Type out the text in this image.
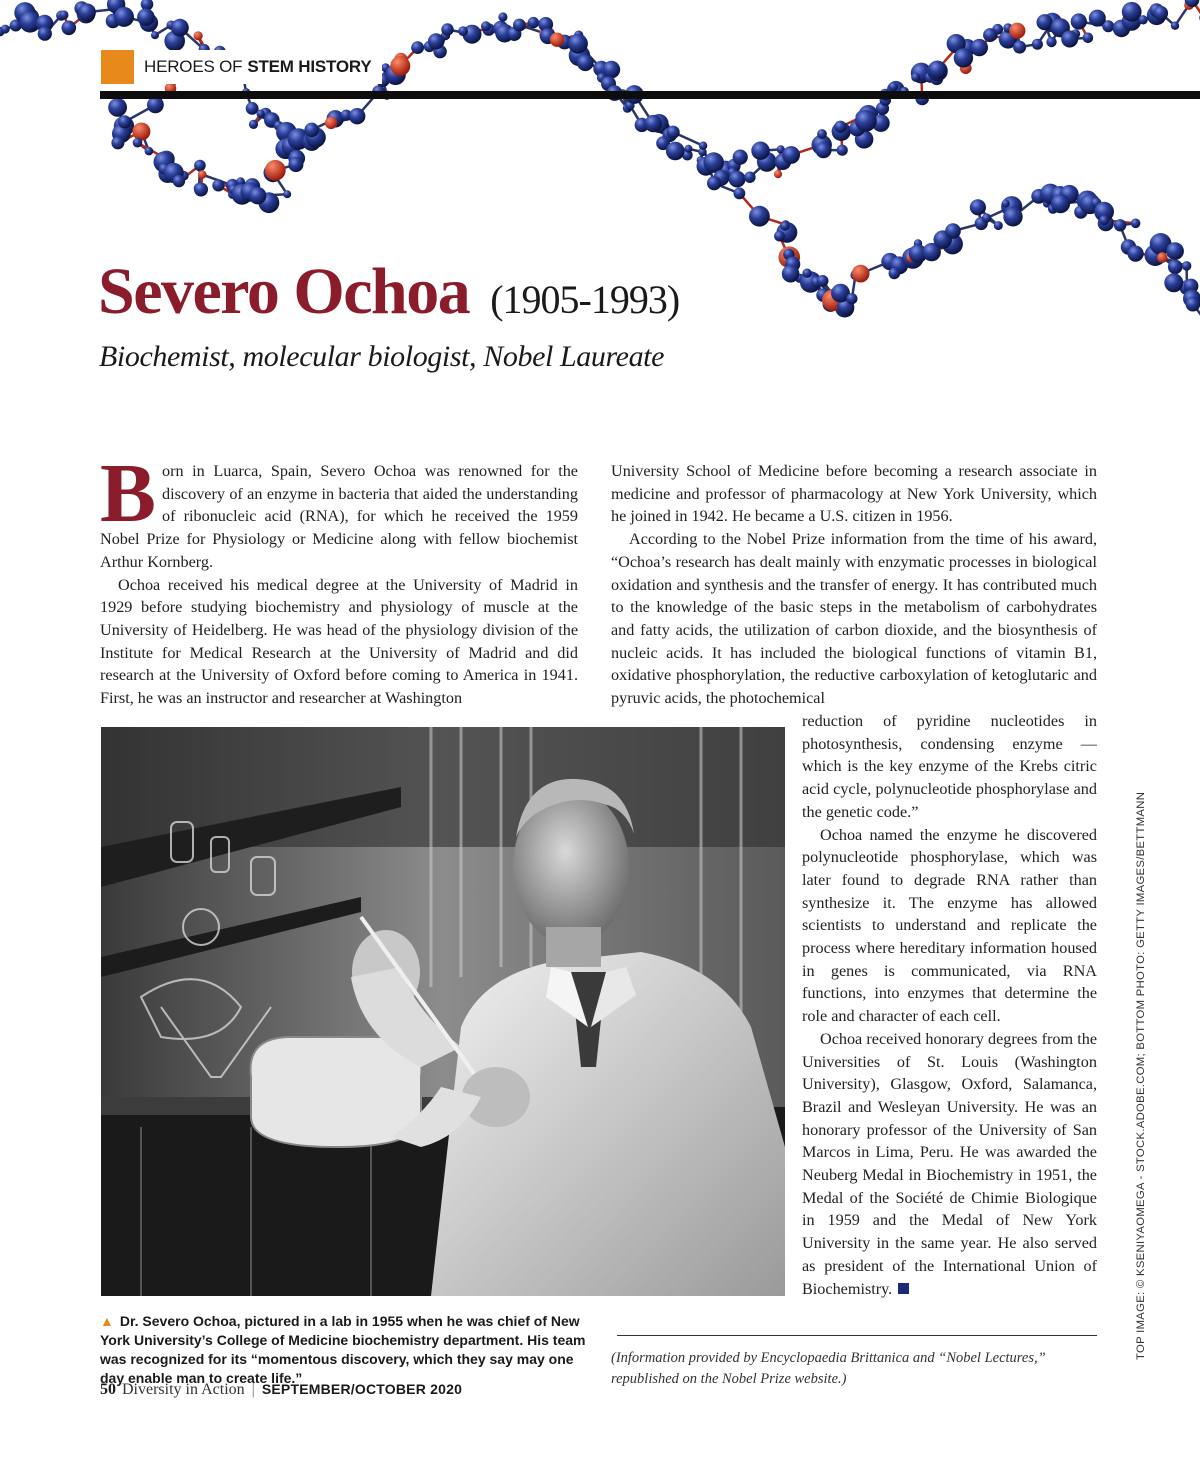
HEROES OF STEM HISTORY
Severo Ochoa (1905-1993)

Biochemist, molecular biologist, Nobel Laureate

Born in Luarca, Spain, Severo Ochoa was renowned for the discovery of an enzyme in bacteria that aided the understanding of ribonucleic acid (RNA), for which he received the 1959 Nobel Prize for Physiology or Medicine along with fellow biochemist Arthur Kornberg.

Ochoa received his medical degree at the University of Madrid in 1929 before studying biochemistry and physiology of muscle at the University of Heidelberg. He was head of the physiology division of the Institute for Medical Research at the University of Madrid and did research at the University of Oxford before coming to America in 1941. First, he was an instructor and researcher at Washington

University School of Medicine before becoming a research associate in medicine and professor of pharmacology at New York University, which he joined in 1942. He became a U.S. citizen in 1956.

According to the Nobel Prize information from the time of his award, “Ochoa’s research has dealt mainly with enzymatic processes in biological oxidation and synthesis and the transfer of energy. It has contributed much to the knowledge of the basic steps in the metabolism of carbohydrates and fatty acids, the utilization of carbon dioxide, and the biosynthesis of nucleic acids. It has included the biological functions of vitamin B1, oxidative phosphorylation, the reductive carboxylation of ketoglutaric and pyruvic acids, the photochemical

reduction of pyridine nucleotides in photosynthesis, condensing enzyme — which is the key enzyme of the Krebs citric acid cycle, polynucleotide phosphorylase and the genetic code.”

Ochoa named the enzyme he discovered polynucleotide phosphorylase, which was later found to degrade RNA rather than synthesize it. The enzyme has allowed scientists to understand and replicate the process where hereditary information housed in genes is communicated, via RNA functions, into enzymes that determine the role and character of each cell.

Ochoa received honorary degrees from the Universities of St. Louis (Washington University), Glasgow, Oxford, Salamanca, Brazil and Wesleyan University. He was an honorary professor of the University of San Marcos in Lima, Peru. He was awarded the Neuberg Medal in Biochemistry in 1951, the Medal of the Société de Chimie Biologique in 1959 and the Medal of New York University in the same year. He also served as president of the International Union of Biochemistry.

▲ Dr. Severo Ochoa, pictured in a lab in 1955 when he was chief of New York University’s College of Medicine biochemistry department. His team was recognized for its “momentous discovery, which they say may one day enable man to create life.”
(Information provided by Encyclopaedia Brittanica and “Nobel Lectures,” republished on the Nobel Prize website.)
TOP IMAGE: © KSENIYAOMEGA - STOCK.ADOBE.COM; BOTTOM PHOTO: GETTY IMAGES/BETTMANN
50 Diversity in Action | SEPTEMBER/OCTOBER 2020
